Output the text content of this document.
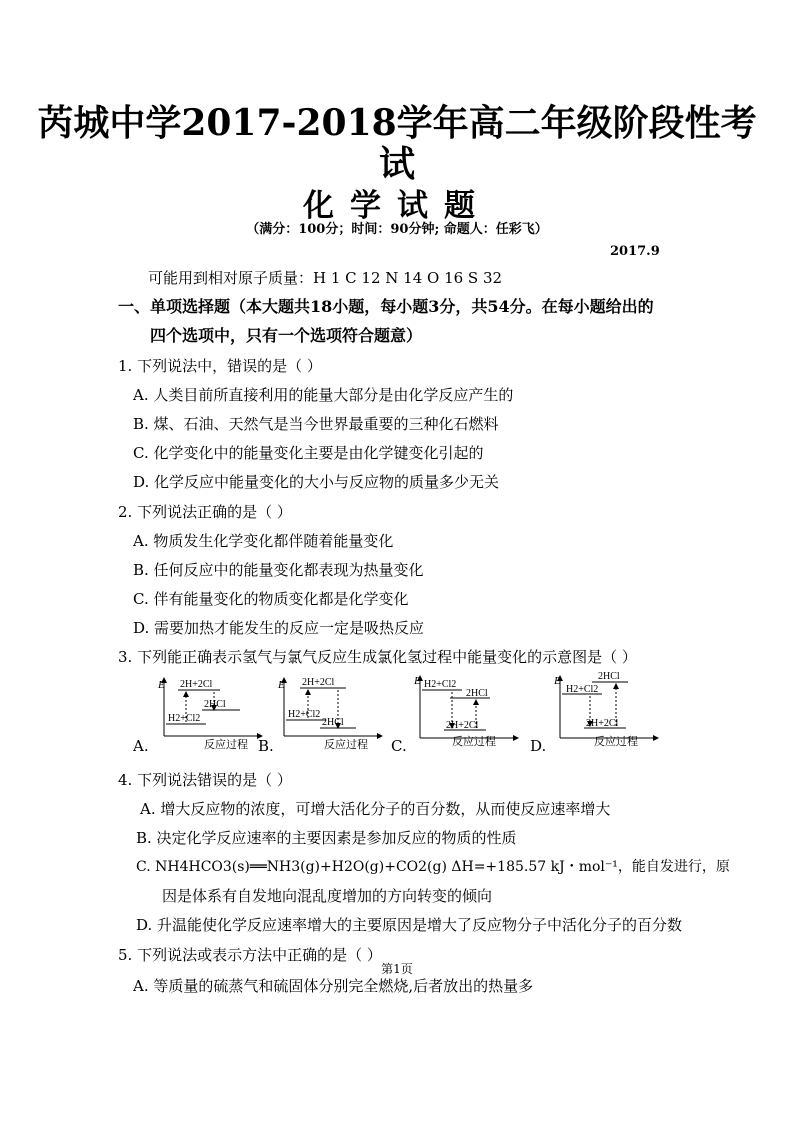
芮城中学2017-2018学年高二年级阶段性考
试
化学试题
（满分：100分；时间：90分钟; 命题人：任彩飞）
2017.9
可能用到相对原子质量：H 1 C 12 N 14 O 16 S 32
一、单项选择题（本大题共18小题，每小题3分，共54分。在每小题给出的
四个选项中，只有一个选项符合题意）
1. 下列说法中，错误的是（ ）
A. 人类目前所直接利用的能量大部分是由化学反应产生的
B. 煤、石油、天然气是当今世界最重要的三种化石燃料
C. 化学变化中的能量变化主要是由化学键变化引起的
D. 化学反应中能量变化的大小与反应物的质量多少无关
2. 下列说法正确的是（ ）
A. 物质发生化学变化都伴随着能量变化
B. 任何反应中的能量变化都表现为热量变化
C. 伴有能量变化的物质变化都是化学变化
D. 需要加热才能发生的反应一定是吸热反应
3. 下列能正确表示氢气与氯气反应生成氯化氢过程中能量变化的示意图是（ ）
E
反应过程
2H+2Cl
2HCl
H2+Cl2
E
反应过程
2H+2Cl
H2+Cl2
2HCl
E
反应过程
H2+Cl2
2HCl
2H+2Cl
E
反应过程
2HCl
H2+Cl2
2H+2Cl
A.	B.	C.	D.
4. 下列说法错误的是（ ）
A. 增大反应物的浓度，可增大活化分子的百分数，从而使反应速率增大
B. 决定化学反应速率的主要因素是参加反应的物质的性质
C. NH4HCO3(s)══NH3(g)+H2O(g)+CO2(g) ΔH=+185.57 kJ・mol⁻¹，能自发进行，原
因是体系有自发地向混乱度增加的方向转变的倾向
D. 升温能使化学反应速率增大的主要原因是增大了反应物分子中活化分子的百分数
5. 下列说法或表示方法中正确的是（ ）
第1页
A. 等质量的硫蒸气和硫固体分别完全燃烧,后者放出的热量多
